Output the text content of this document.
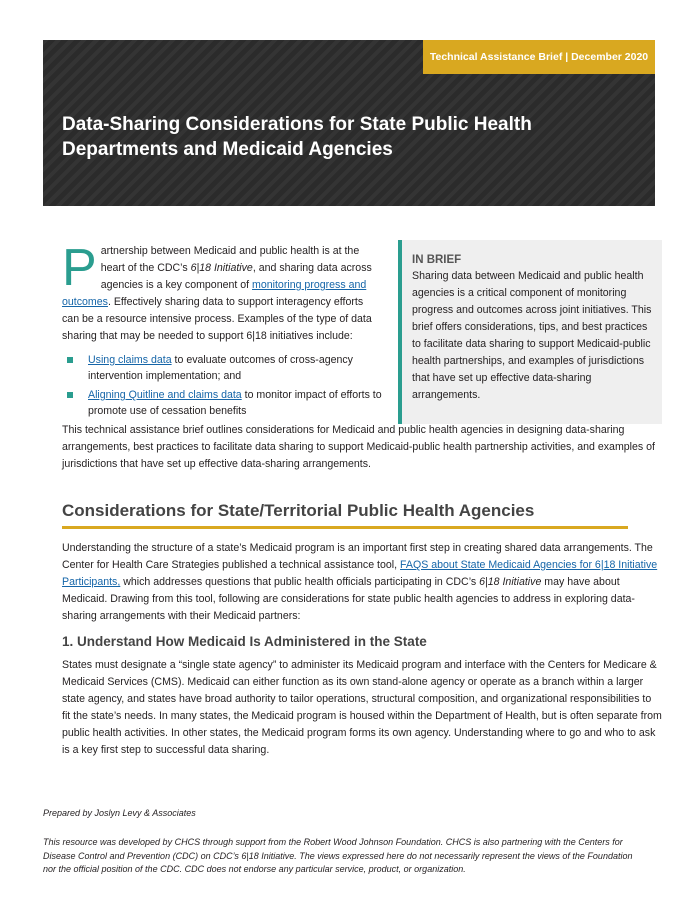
Technical Assistance Brief | December 2020
Data-Sharing Considerations for State Public Health Departments and Medicaid Agencies

Partnership between Medicaid and public health is at the heart of the CDC’s 6|18 Initiative, and sharing data across agencies is a key component of monitoring progress and outcomes. Effectively sharing data to support interagency efforts can be a resource intensive process. Examples of the type of data sharing that may be needed to support 6|18 initiatives include:

Using claims data to evaluate outcomes of cross-agency intervention implementation; and
Aligning Quitline and claims data to monitor impact of efforts to promote use of cessation benefits
IN BRIEF

Sharing data between Medicaid and public health agencies is a critical component of monitoring progress and outcomes across joint initiatives. This brief offers considerations, tips, and best practices to facilitate data sharing to support Medicaid-public health partnerships, and examples of jurisdictions that have set up effective data-sharing arrangements.

This technical assistance brief outlines considerations for Medicaid and public health agencies in designing data-sharing arrangements, best practices to facilitate data sharing to support Medicaid-public health partnership activities, and examples of jurisdictions that have set up effective data-sharing arrangements.

Considerations for State/Territorial Public Health Agencies

Understanding the structure of a state’s Medicaid program is an important first step in creating shared data arrangements. The Center for Health Care Strategies published a technical assistance tool, FAQS about State Medicaid Agencies for 6|18 Initiative Participants, which addresses questions that public health officials participating in CDC’s 6|18 Initiative may have about Medicaid. Drawing from this tool, following are considerations for state public health agencies to address in exploring data-sharing arrangements with their Medicaid partners:

1. Understand How Medicaid Is Administered in the State

States must designate a “single state agency” to administer its Medicaid program and interface with the Centers for Medicare & Medicaid Services (CMS). Medicaid can either function as its own stand-alone agency or operate as a branch within a larger state agency, and states have broad authority to tailor operations, structural composition, and organizational responsibilities to fit the state’s needs. In many states, the Medicaid program is housed within the Department of Health, but is often separate from public health activities. In other states, the Medicaid program forms its own agency. Understanding where to go and who to ask is a key first step to successful data sharing.

Prepared by Joslyn Levy & Associates

This resource was developed by CHCS through support from the Robert Wood Johnson Foundation. CHCS is also partnering with the Centers for Disease Control and Prevention (CDC) on CDC’s 6|18 Initiative. The views expressed here do not necessarily represent the views of the Foundation nor the official position of the CDC. CDC does not endorse any particular service, product, or organization.
